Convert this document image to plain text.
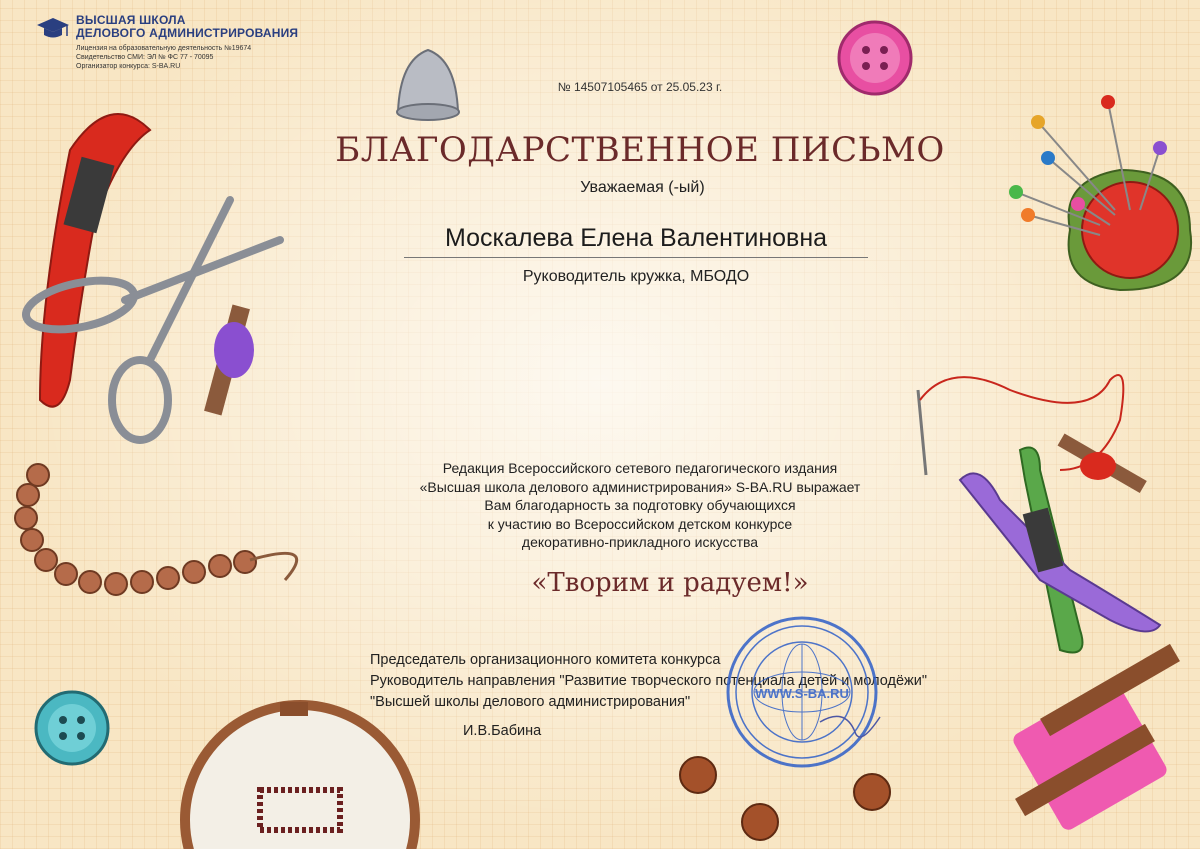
ВЫСШАЯ ШКОЛА
ДЕЛОВОГО АДМИНИСТРИРОВАНИЯ
Лицензия на образовательную деятельность №19674
Свидетельство СМИ: ЭЛ № ФС 77 - 70095
Организатор конкурса: S-BA.RU
№ 14507105465 от 25.05.23 г.
БЛАГОДАРСТВЕННОЕ ПИСЬМО
Уважаемая (-ый)
Москалева Елена Валентиновна
Руководитель кружка, МБОДО
Редакция Всероссийского сетевого педагогического издания
«Высшая школа делового администрирования» S-BA.RU выражает
Вам благодарность за подготовку обучающихся
к участию во Всероссийском детском конкурсе
декоративно-прикладного искусства
«Творим и радуем!»
Председатель организационного комитета конкурса
Руководитель направления "Развитие творческого потенциала детей и молодёжи"
"Высшей школы делового администрирования"
И.В.Бабина
WWW.S-BA.RU
